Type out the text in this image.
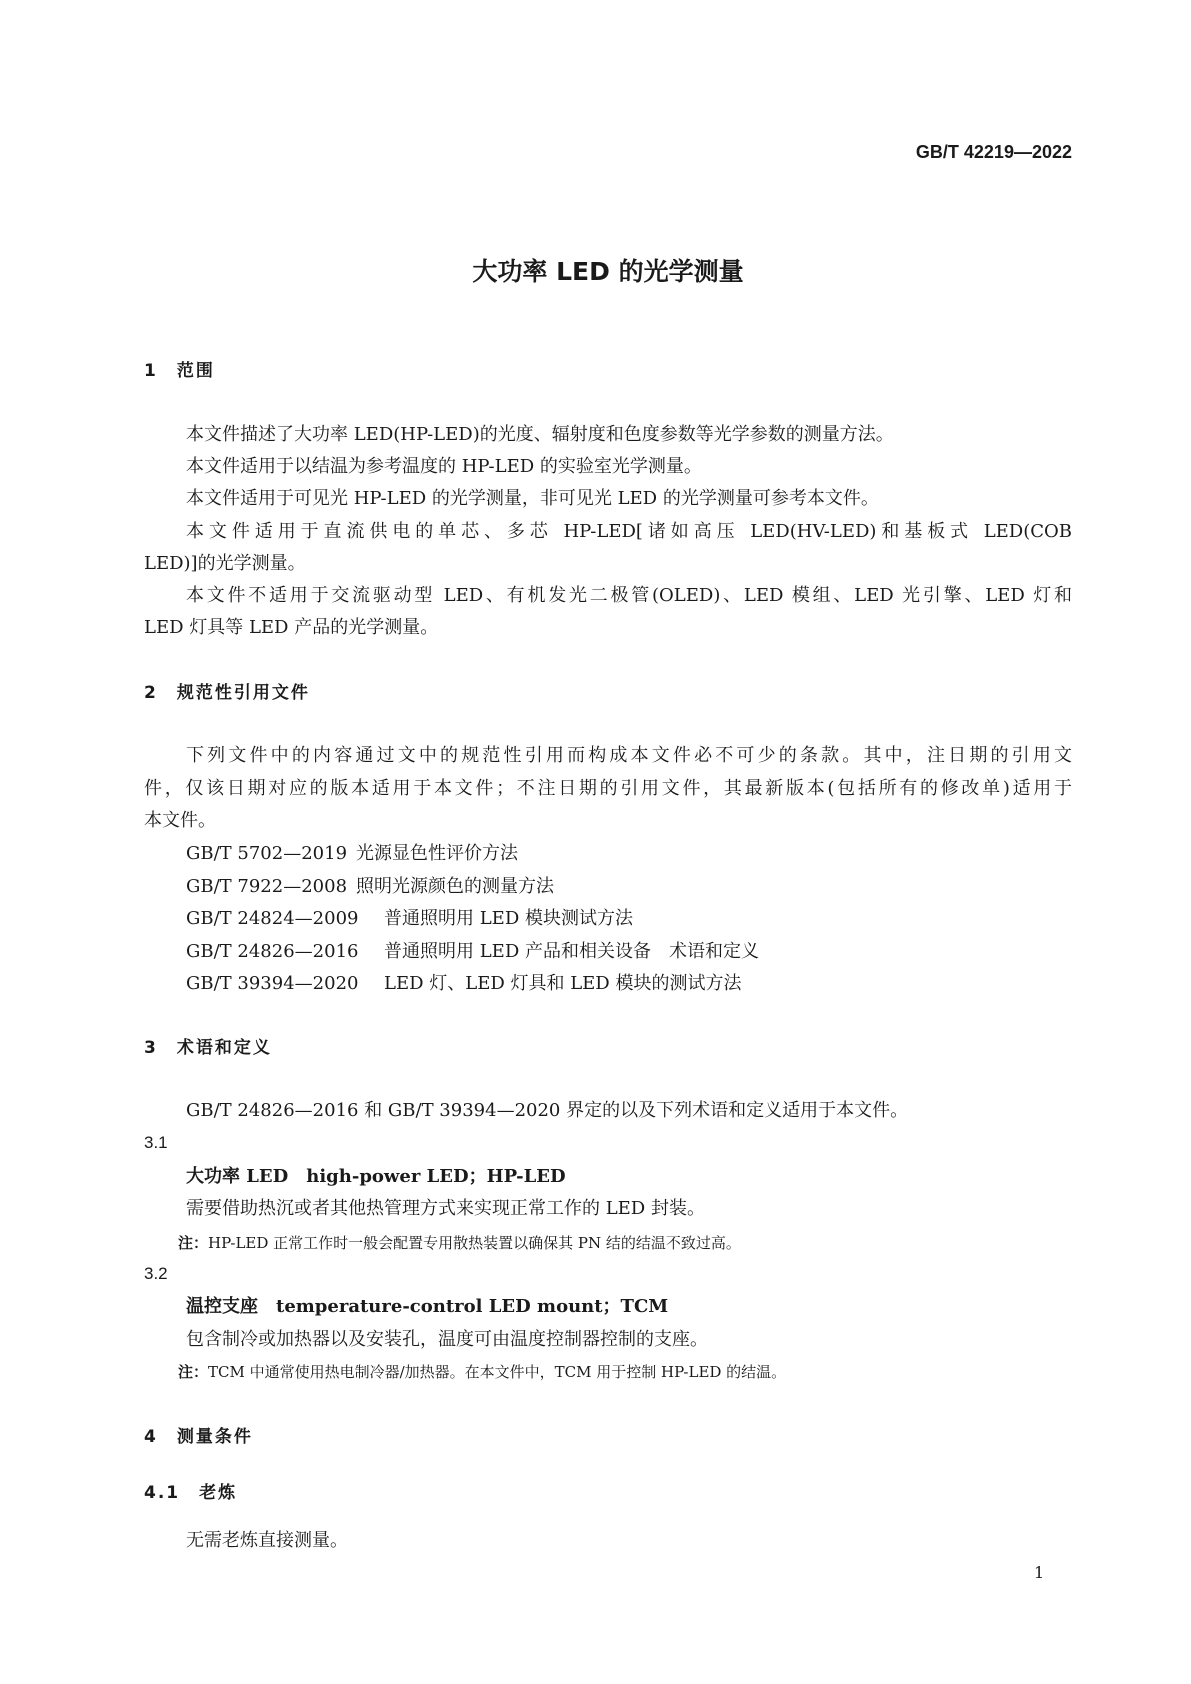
GB/T 42219—2022
大功率 LED 的光学测量
1　范围
本文件描述了大功率 LED(HP-LED)的光度、辐射度和色度参数等光学参数的测量方法。
本文件适用于以结温为参考温度的 HP-LED 的实验室光学测量。
本文件适用于可见光 HP-LED 的光学测量，非可见光 LED 的光学测量可参考本文件。
本文件适用于直流供电的单芯、多芯 HP-LED[诸如高压 LED(HV-LED)和基板式 LED(COB
LED)]的光学测量。
本文件不适用于交流驱动型 LED、有机发光二极管(OLED)、LED 模组、LED 光引擎、LED 灯和
LED 灯具等 LED 产品的光学测量。
2　规范性引用文件
下列文件中的内容通过文中的规范性引用而构成本文件必不可少的条款。其中，注日期的引用文
件，仅该日期对应的版本适用于本文件；不注日期的引用文件，其最新版本(包括所有的修改单)适用于
本文件。
GB/T 5702—2019 光源显色性评价方法
GB/T 7922—2008 照明光源颜色的测量方法
GB/T 24824—2009 普通照明用 LED 模块测试方法
GB/T 24826—2016 普通照明用 LED 产品和相关设备　术语和定义
GB/T 39394—2020 LED 灯、LED 灯具和 LED 模块的测试方法
3　术语和定义
GB/T 24826—2016 和 GB/T 39394—2020 界定的以及下列术语和定义适用于本文件。
3.1
大功率 LED　high-power LED；HP-LED
需要借助热沉或者其他热管理方式来实现正常工作的 LED 封装。
注：HP-LED 正常工作时一般会配置专用散热装置以确保其 PN 结的结温不致过高。
3.2
温控支座　temperature-control LED mount；TCM
包含制冷或加热器以及安装孔，温度可由温度控制器控制的支座。
注：TCM 中通常使用热电制冷器/加热器。在本文件中，TCM 用于控制 HP-LED 的结温。
4　测量条件
4.1　老炼
无需老炼直接测量。
1
